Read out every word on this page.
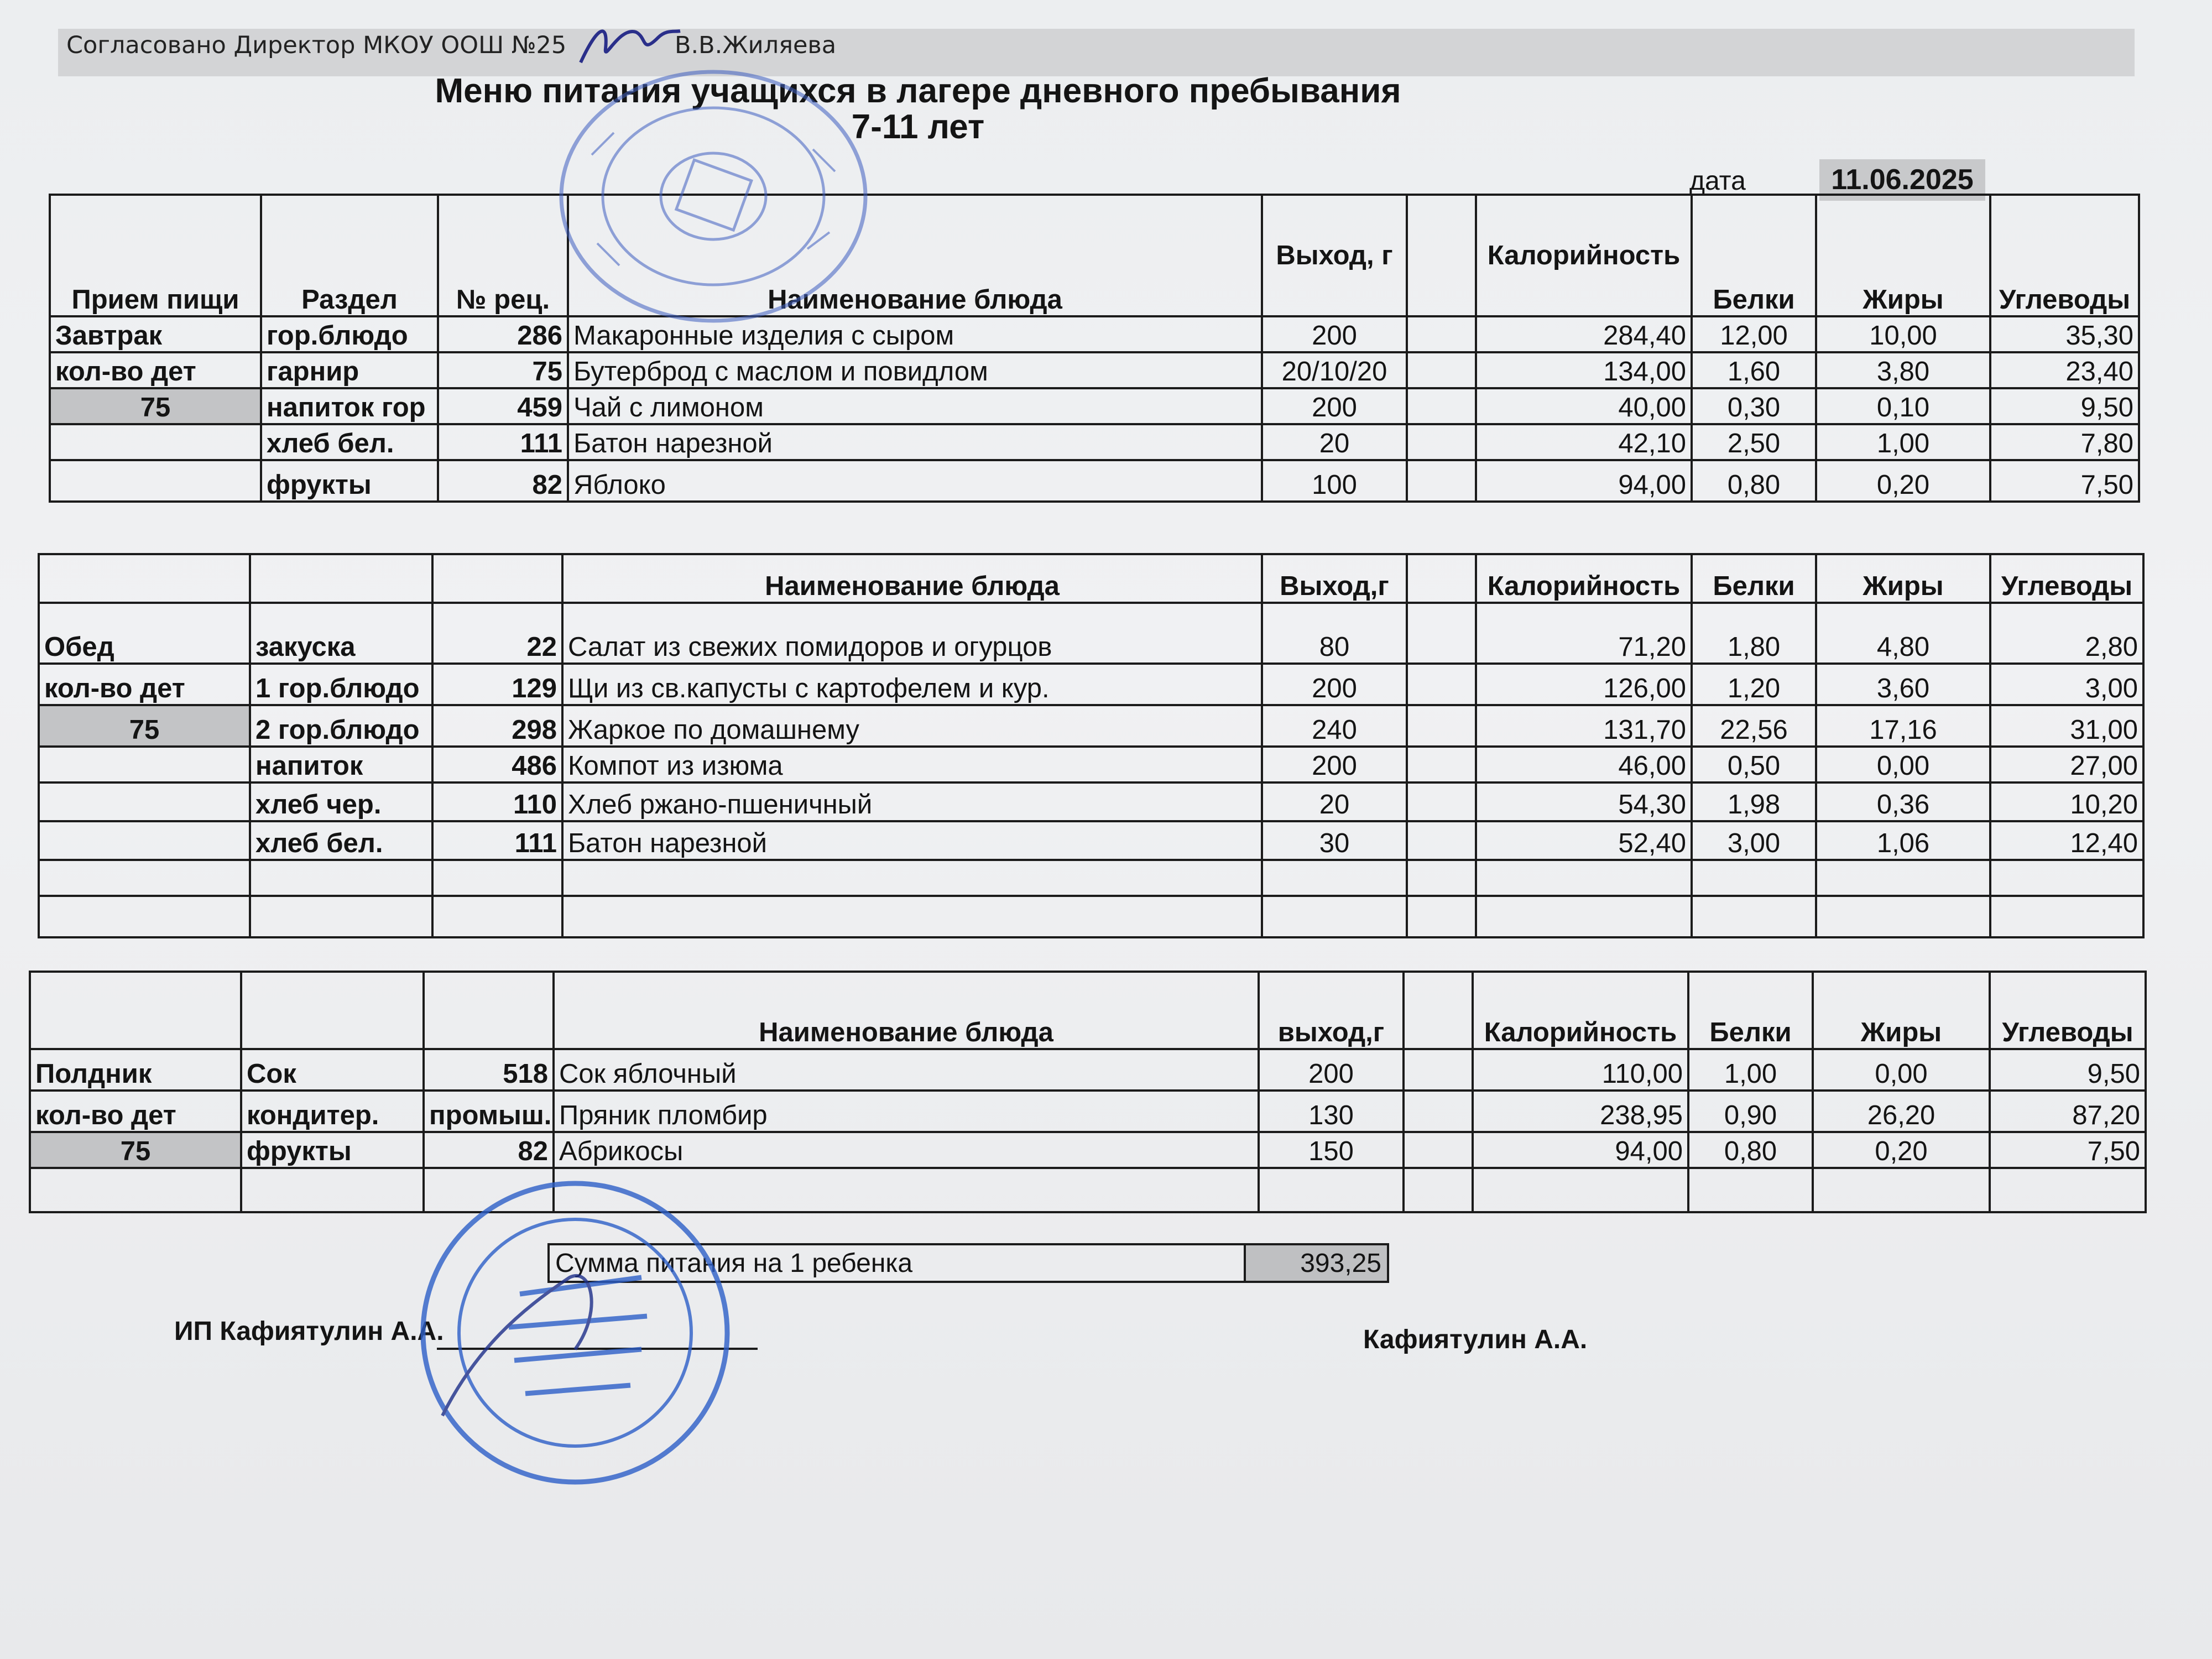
Согласовано Директор МКОУ ООШ №25	В.В.Жиляева
Меню питания учащихся в лагере дневного пребывания
7-11 лет
дата	11.06.2025
Прием пищи	Раздел	№ рец.	Наименование блюда	Выход, г		Калорийность	Белки	Жиры	Углеводы
Завтрак	гор.блюдо	286	Макаронные изделия с сыром	200		284,40	12,00	10,00	35,30
кол-во дет	гарнир	75	Бутерброд с маслом и повидлом	20/10/20		134,00	1,60	3,80	23,40
75	напиток гор	459	Чай с лимоном	200		40,00	0,30	0,10	9,50
	хлеб бел.	111	Батон нарезной	20		42,10	2,50	1,00	7,80
	фрукты	82	Яблоко	100		94,00	0,80	0,20	7,50
			Наименование блюда	Выход,г		Калорийность	Белки	Жиры	Углеводы
Обед	закуска	22	Салат из свежих помидоров и огурцов	80		71,20	1,80	4,80	2,80
кол-во дет	1 гор.блюдо	129	Щи из св.капусты с картофелем и кур.	200		126,00	1,20	3,60	3,00
75	2 гор.блюдо	298	Жаркое по домашнему	240		131,70	22,56	17,16	31,00
	напиток	486	Компот из изюма	200		46,00	0,50	0,00	27,00
	хлеб чер.	110	Хлеб ржано-пшеничный	20		54,30	1,98	0,36	10,20
	хлеб бел.	111	Батон нарезной	30		52,40	3,00	1,06	12,40

			Наименование блюда	выход,г		Калорийность	Белки	Жиры	Углеводы
Полдник	Сок	518	Сок яблочный	200		110,00	1,00	0,00	9,50
кол-во дет	кондитер.	промыш.	Пряник пломбир	130		238,95	0,90	26,20	87,20
75	фрукты	82	Абрикосы	150		94,00	0,80	0,20	7,50

Сумма питания на 1 ребенка	393,25
ИП Кафиятулин А.А.	Кафиятулин А.А.
